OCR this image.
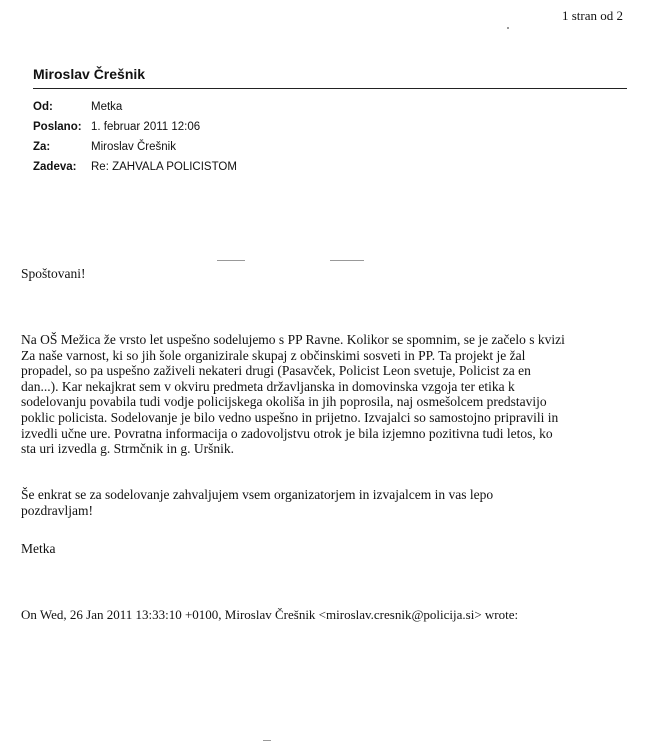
1 stran od 2
Miroslav Črešnik
Od:	Metka
Poslano: 1. februar 2011 12:06
Za:	Miroslav Črešnik
Zadeva: Re: ZAHVALA POLICISTOM
Spoštovani!
Na OŠ Mežica že vrsto let uspešno sodelujemo s PP Ravne. Kolikor se spomnim, se je začelo s kvizi
Za naše varnost, ki so jih šole organizirale skupaj z občinskimi sosveti in PP. Ta projekt je žal
propadel, so pa uspešno zaživeli nekateri drugi (Pasavček, Policist Leon svetuje, Policist za en
dan...). Kar nekajkrat sem v okviru predmeta državljanska in domovinska vzgoja ter etika k
sodelovanju povabila tudi vodje policijskega okoliša in jih poprosila, naj osmešolcem predstavijo
poklic policista. Sodelovanje je bilo vedno uspešno in prijetno. Izvajalci so samostojno pripravili in
izvedli učne ure. Povratna informacija o zadovoljstvu otrok je bila izjemno pozitivna tudi letos, ko
sta uri izvedla g. Strmčnik in g. Uršnik.
Še enkrat se za sodelovanje zahvaljujem vsem organizatorjem in izvajalcem in vas lepo
pozdravljam!
Metka
On Wed, 26 Jan 2011 13:33:10 +0100, Miroslav Črešnik <miroslav.cresnik@policija.si> wrote:
